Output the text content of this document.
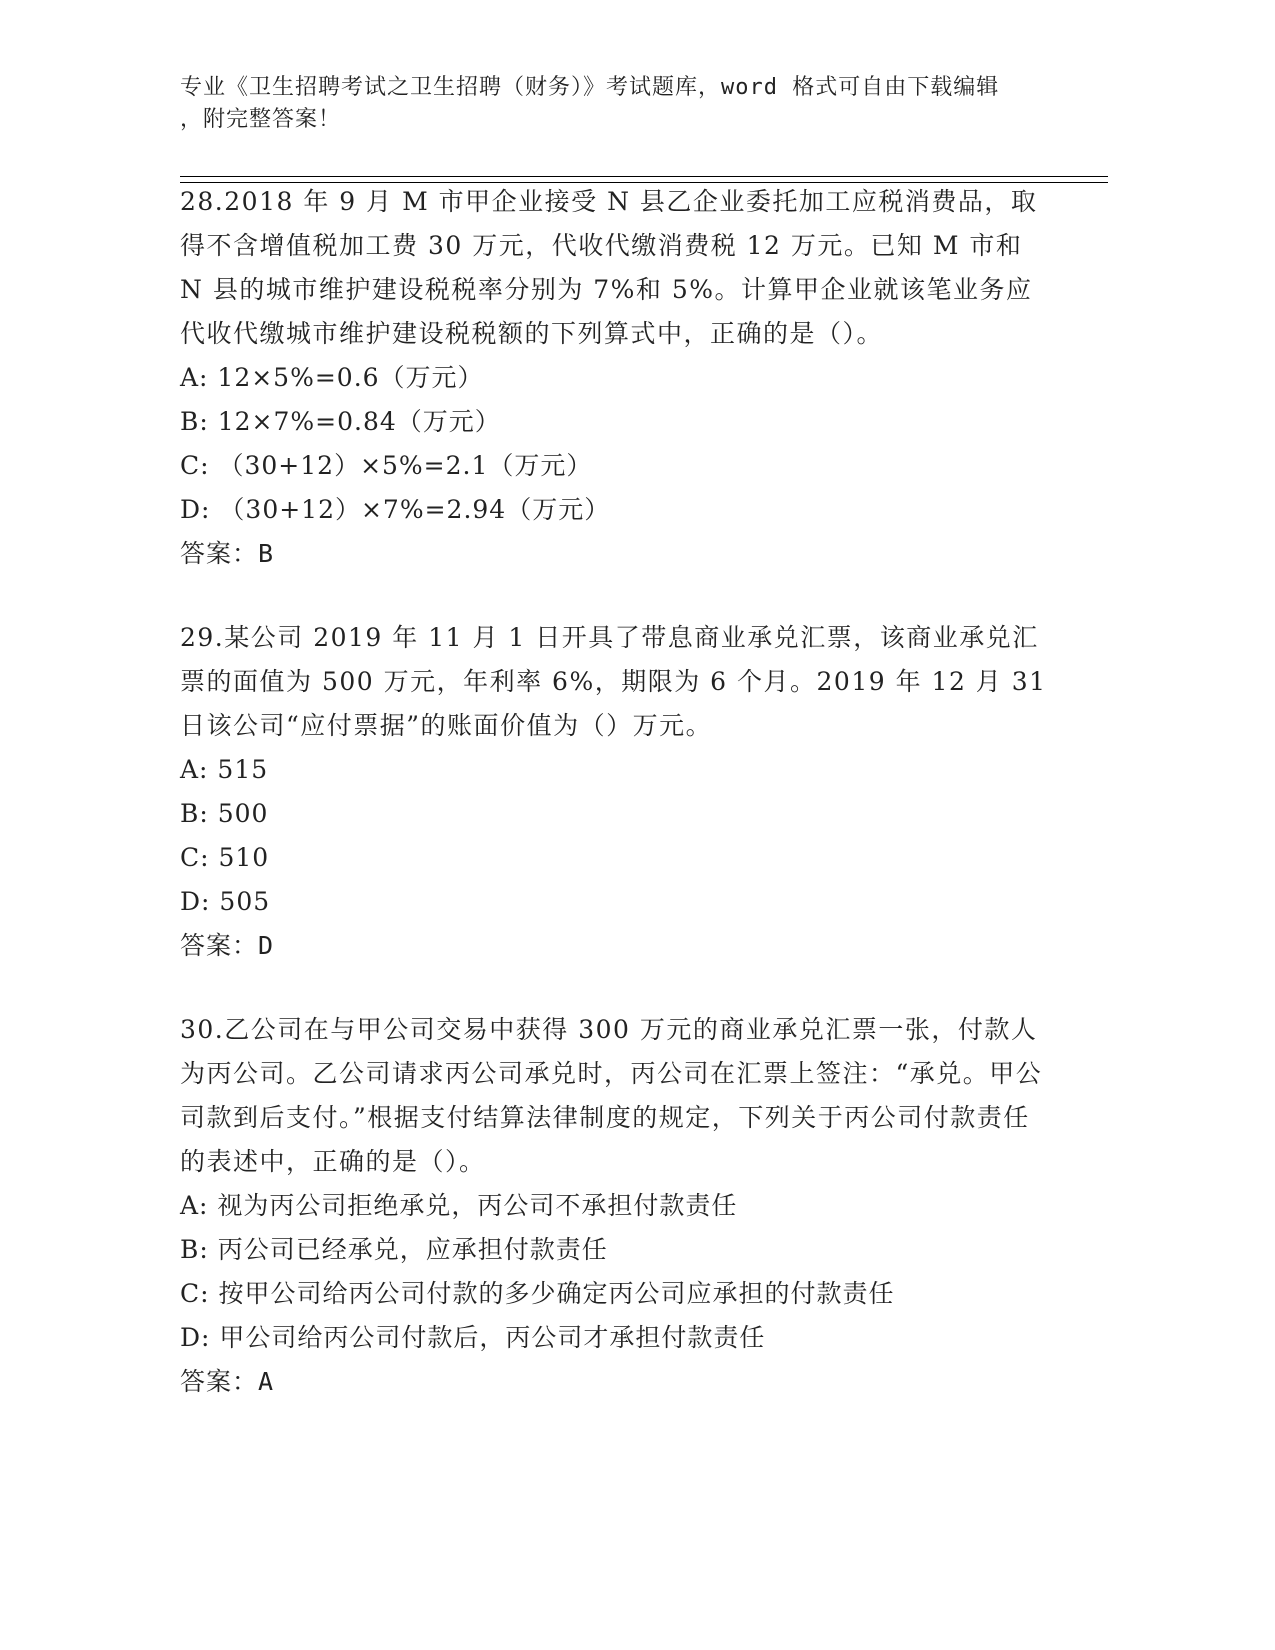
专业《卫生招聘考试之卫生招聘（财务）》考试题库，word 格式可自由下载编辑
，附完整答案！
28.2018 年 9 月 M 市甲企业接受 N 县乙企业委托加工应税消费品，取得不含增值税加工费 30 万元，代收代缴消费税 12 万元。已知 M 市和 N 县的城市维护建设税税率分别为 7%和 5%。计算甲企业就该笔业务应代收代缴城市维护建设税税额的下列算式中，正确的是（）。
A: 12×5%=0.6（万元）
B: 12×7%=0.84（万元）
C: （30+12）×5%=2.1（万元）
D: （30+12）×7%=2.94（万元）
答案：B
29.某公司 2019 年 11 月 1 日开具了带息商业承兑汇票，该商业承兑汇票的面值为 500 万元，年利率 6%，期限为 6 个月。2019 年 12 月 31 日该公司“应付票据”的账面价值为（）万元。
A: 515
B: 500
C: 510
D: 505
答案：D
30.乙公司在与甲公司交易中获得 300 万元的商业承兑汇票一张，付款人为丙公司。乙公司请求丙公司承兑时，丙公司在汇票上签注：“承兑。甲公司款到后支付。”根据支付结算法律制度的规定，下列关于丙公司付款责任的表述中，正确的是（）。
A: 视为丙公司拒绝承兑，丙公司不承担付款责任
B: 丙公司已经承兑，应承担付款责任
C: 按甲公司给丙公司付款的多少确定丙公司应承担的付款责任
D: 甲公司给丙公司付款后，丙公司才承担付款责任
答案：A
